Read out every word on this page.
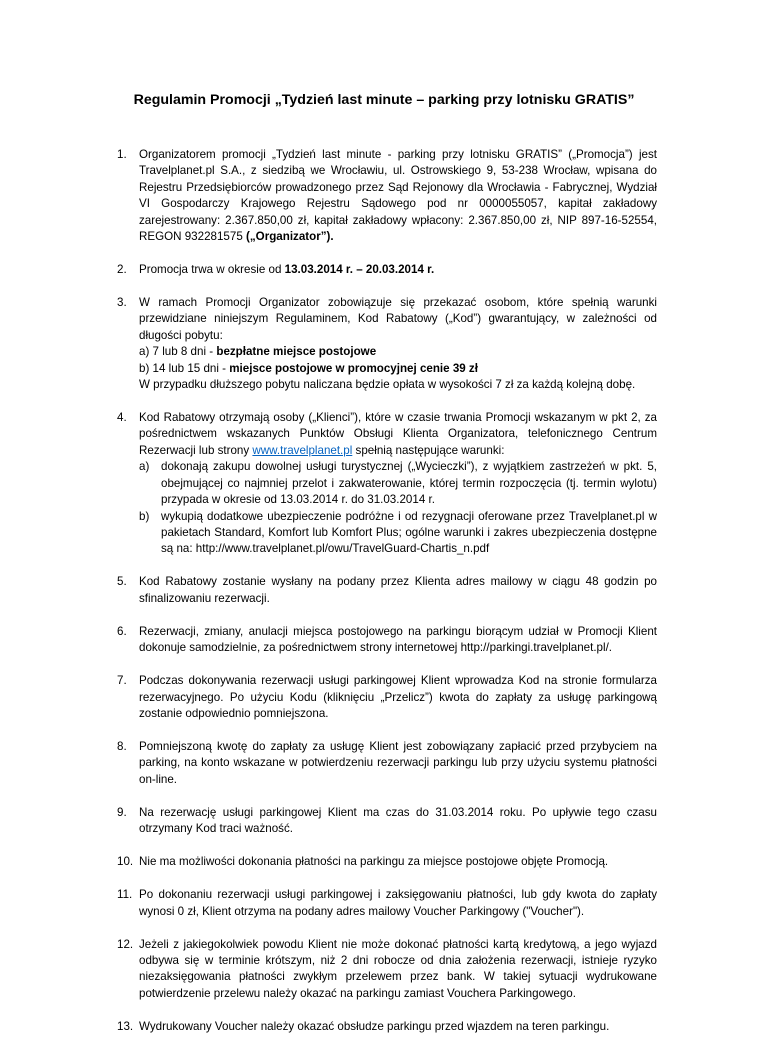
Regulamin Promocji „Tydzień last minute – parking przy lotnisku GRATIS”
1. Organizatorem promocji „Tydzień last minute - parking przy lotnisku GRATIS” („Promocja”) jest Travelplanet.pl S.A., z siedzibą we Wrocławiu, ul. Ostrowskiego 9, 53-238 Wrocław, wpisana do Rejestru Przedsiębiorców prowadzonego przez Sąd Rejonowy dla Wrocławia - Fabrycznej, Wydział VI Gospodarczy Krajowego Rejestru Sądowego pod nr 0000055057, kapitał zakładowy zarejestrowany: 2.367.850,00 zł, kapitał zakładowy wpłacony: 2.367.850,00 zł, NIP 897-16-52554, REGON 932281575 („Organizator”).
2. Promocja trwa w okresie od 13.03.2014 r. – 20.03.2014 r.
3. W ramach Promocji Organizator zobowiązuje się przekazać osobom, które spełnią warunki przewidziane niniejszym Regulaminem, Kod Rabatowy („Kod”) gwarantujący, w zależności od długości pobytu:
a) 7 lub 8 dni - bezpłatne miejsce postojowe
b) 14 lub 15 dni - miejsce postojowe w promocyjnej cenie 39 zł
W przypadku dłuższego pobytu naliczana będzie opłata w wysokości 7 zł za każdą kolejną dobę.
4. Kod Rabatowy otrzymają osoby („Klienci”), które w czasie trwania Promocji wskazanym w pkt 2, za pośrednictwem wskazanych Punktów Obsługi Klienta Organizatora, telefonicznego Centrum Rezerwacji lub strony www.travelplanet.pl spełnią następujące warunki:
a) dokonają zakupu dowolnej usługi turystycznej („Wycieczki”), z wyjątkiem zastrzeżeń w pkt. 5, obejmującej co najmniej przelot i zakwaterowanie, której termin rozpoczęcia (tj. termin wylotu) przypada w okresie od 13.03.2014 r. do 31.03.2014 r.
b) wykupią dodatkowe ubezpieczenie podróżne i od rezygnacji oferowane przez Travelplanet.pl w pakietach Standard, Komfort lub Komfort Plus; ogólne warunki i zakres ubezpieczenia dostępne są na: http://www.travelplanet.pl/owu/TravelGuard-Chartis_n.pdf
5. Kod Rabatowy zostanie wysłany na podany przez Klienta adres mailowy w ciągu 48 godzin po sfinalizowaniu rezerwacji.
6. Rezerwacji, zmiany, anulacji miejsca postojowego na parkingu biorącym udział w Promocji Klient dokonuje samodzielnie, za pośrednictwem strony internetowej http://parkingi.travelplanet.pl/.
7. Podczas dokonywania rezerwacji usługi parkingowej Klient wprowadza Kod na stronie formularza rezerwacyjnego. Po użyciu Kodu (kliknięciu „Przelicz”) kwota do zapłaty za usługę parkingową zostanie odpowiednio pomniejszona.
8. Pomniejszoną kwotę do zapłaty za usługę Klient jest zobowiązany zapłacić przed przybyciem na parking, na konto wskazane w potwierdzeniu rezerwacji parkingu lub przy użyciu systemu płatności on-line.
9. Na rezerwację usługi parkingowej Klient ma czas do 31.03.2014 roku. Po upływie tego czasu otrzymany Kod traci ważność.
10. Nie ma możliwości dokonania płatności na parkingu za miejsce postojowe objęte Promocją.
11. Po dokonaniu rezerwacji usługi parkingowej i zaksięgowaniu płatności, lub gdy kwota do zapłaty wynosi 0 zł, Klient otrzyma na podany adres mailowy Voucher Parkingowy ("Voucher").
12. Jeżeli z jakiegokolwiek powodu Klient nie może dokonać płatności kartą kredytową, a jego wyjazd odbywa się w terminie krótszym, niż 2 dni robocze od dnia założenia rezerwacji, istnieje ryzyko niezaksięgowania płatności zwykłym przelewem przez bank. W takiej sytuacji wydrukowane potwierdzenie przelewu należy okazać na parkingu zamiast Vouchera Parkingowego.
13. Wydrukowany Voucher należy okazać obsłudze parkingu przed wjazdem na teren parkingu.
